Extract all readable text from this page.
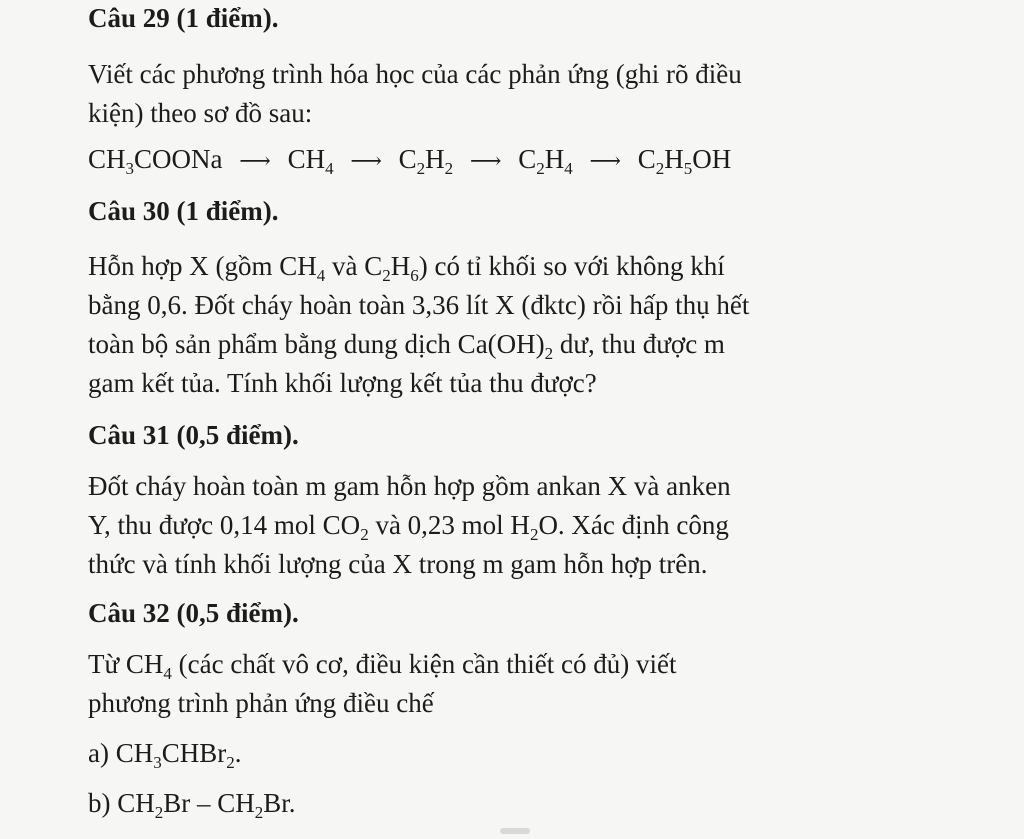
Câu 29 (1 điểm).
Viết các phương trình hóa học của các phản ứng (ghi rõ điều
kiện) theo sơ đồ sau:
$CH_3COONa$ ⟶ $CH_4$ ⟶ $C_2H_2$ ⟶ $C_2H_4$ ⟶ $C_2H_5OH$
Câu 30 (1 điểm).
Hỗn hợp X (gồm $CH_4$ và $C_2H_6$) có tỉ khối so với không khí
bằng 0,6. Đốt cháy hoàn toàn 3,36 lít X (đktc) rồi hấp thụ hết
toàn bộ sản phẩm bằng dung dịch $Ca(OH)_2$ dư, thu được m
gam kết tủa. Tính khối lượng kết tủa thu được?
Câu 31 (0,5 điểm).
Đốt cháy hoàn toàn m gam hỗn hợp gồm ankan X và anken
Y, thu được 0,14 mol $CO_2$ và 0,23 mol $H_2O$. Xác định công
thức và tính khối lượng của X trong m gam hỗn hợp trên.
Câu 32 (0,5 điểm).
Từ $CH_4$ (các chất vô cơ, điều kiện cần thiết có đủ) viết
phương trình phản ứng điều chế
a) $CH_3CHBr_2$.
b) $CH_2Br - CH_2Br$.
